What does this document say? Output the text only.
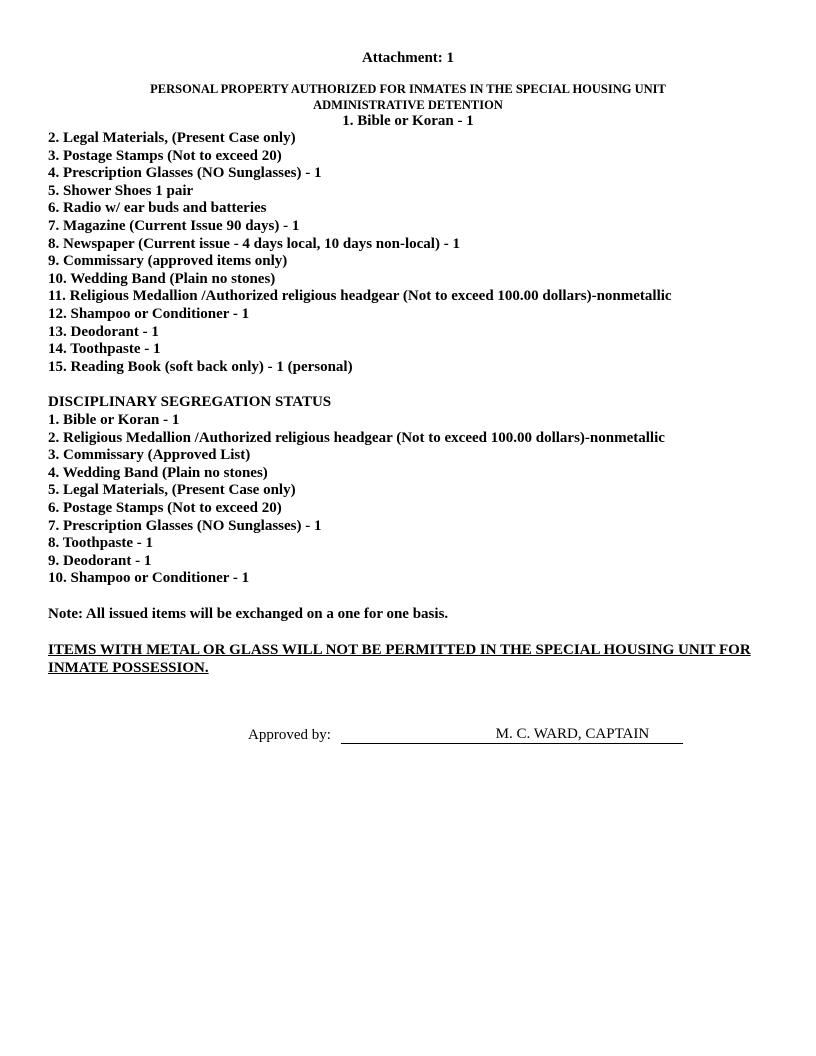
Attachment: 1
PERSONAL PROPERTY AUTHORIZED FOR INMATES IN THE SPECIAL HOUSING UNIT
ADMINISTRATIVE DETENTION
1. Bible or Koran - 1
2. Legal Materials, (Present Case only)
3. Postage Stamps (Not to exceed 20)
4. Prescription Glasses (NO Sunglasses) - 1
5. Shower Shoes 1 pair
6. Radio w/ ear buds and batteries
7. Magazine (Current Issue 90 days) - 1
8. Newspaper (Current issue - 4 days local, 10 days non-local) - 1
9. Commissary (approved items only)
10. Wedding Band (Plain no stones)
11. Religious Medallion /Authorized religious headgear (Not to exceed 100.00 dollars)-nonmetallic
12. Shampoo or Conditioner - 1
13. Deodorant - 1
14. Toothpaste - 1
15. Reading Book (soft back only) - 1 (personal)
DISCIPLINARY SEGREGATION STATUS
1. Bible or Koran - 1
2. Religious Medallion /Authorized religious headgear (Not to exceed 100.00 dollars)-nonmetallic
3. Commissary (Approved List)
4. Wedding Band (Plain no stones)
5. Legal Materials, (Present Case only)
6. Postage Stamps (Not to exceed 20)
7. Prescription Glasses (NO Sunglasses) - 1
8. Toothpaste - 1
9. Deodorant - 1
10. Shampoo or Conditioner - 1
Note: All issued items will be exchanged on a one for one basis.
ITEMS WITH METAL OR GLASS WILL NOT BE PERMITTED IN THE SPECIAL HOUSING UNIT FOR INMATE POSSESSION.
Approved by:	M. C. WARD, CAPTAIN
